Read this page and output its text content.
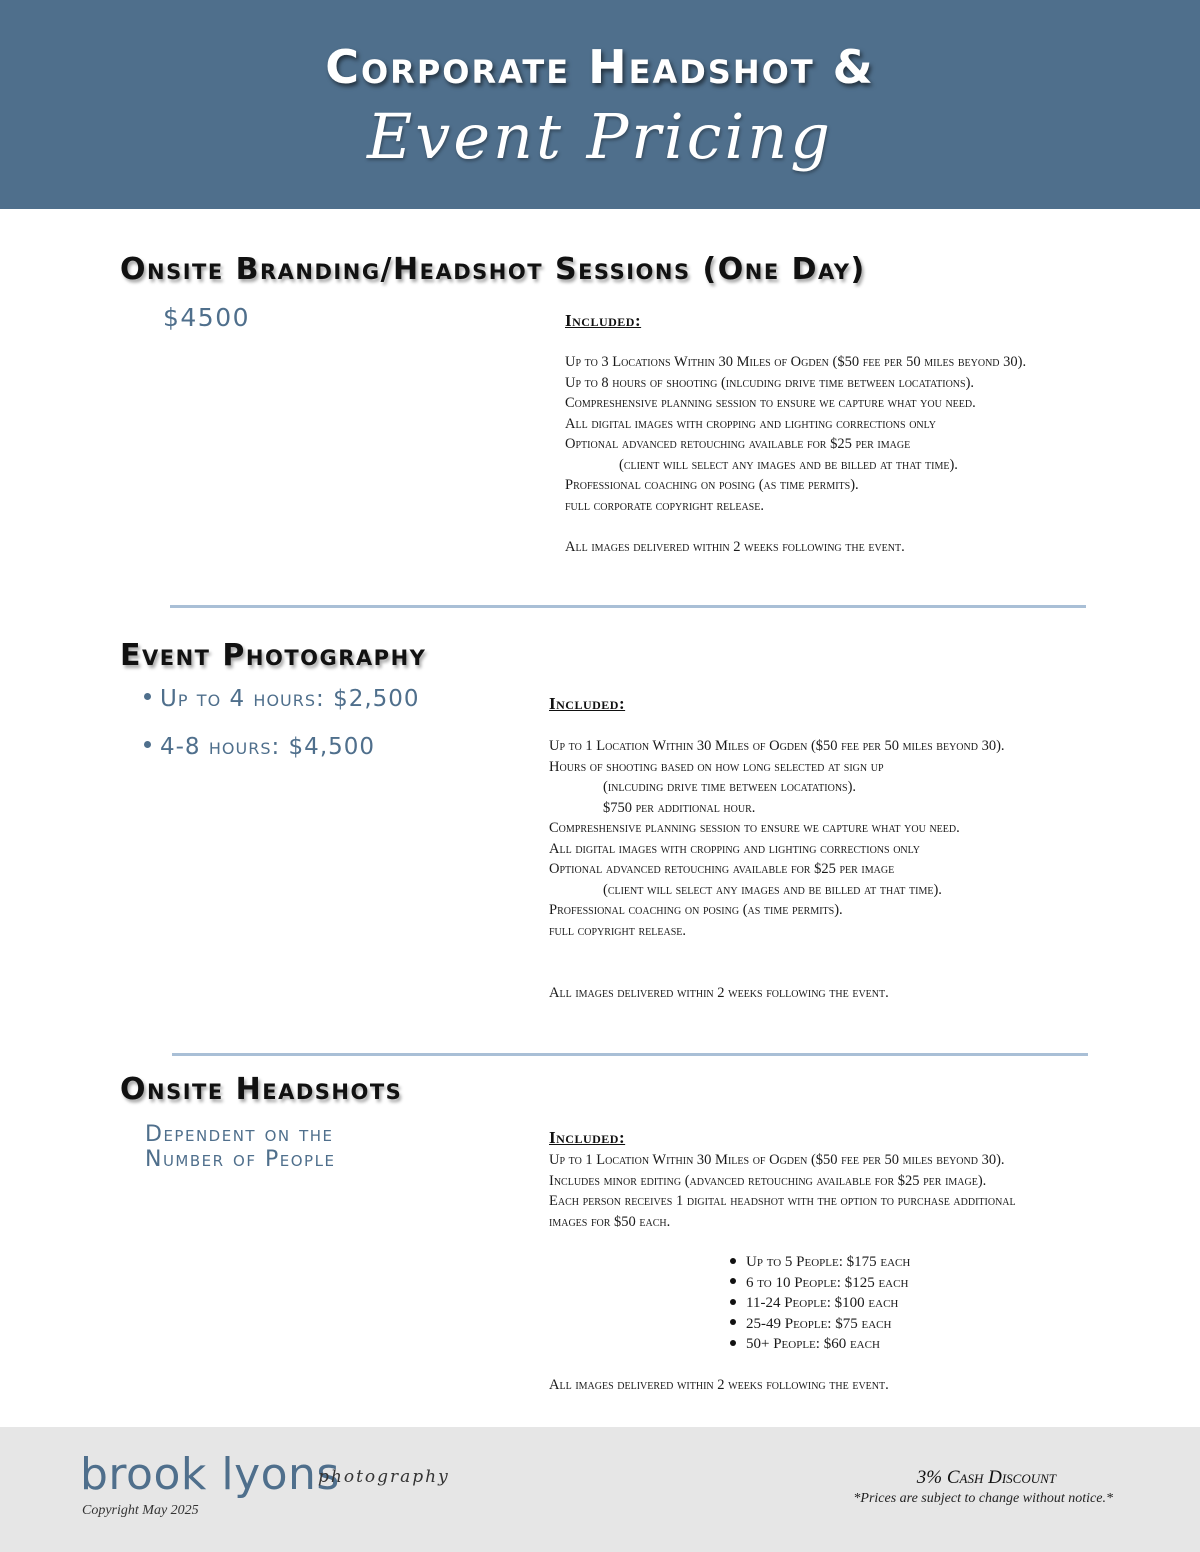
Corporate Headshot &
Event Pricing
Onsite Branding/Headshot Sessions (One Day)
$4500	Included:
Up to 3 Locations Within 30 Miles of Ogden ($50 fee per 50 miles beyond 30).
Up to 8 hours of shooting (inlcuding drive time between locatations).
Compreshensive planning session to ensure we capture what you need.
All digital images with cropping and lighting corrections only
Optional advanced retouching available for $25 per image
(client will select any images and be billed at that time).
Professional coaching on posing (as time permits).
full corporate copyright release.
All images delivered within 2 weeks following the event.
Event Photography
Up to 4 hours: $2,500
4-8 hours: $4,500
Included:
Up to 1 Location Within 30 Miles of Ogden ($50 fee per 50 miles beyond 30).
Hours of shooting based on how long selected at sign up
(inlcuding drive time between locatations).
$750 per additional hour.
Compreshensive planning session to ensure we capture what you need.
All digital images with cropping and lighting corrections only
Optional advanced retouching available for $25 per image
(client will select any images and be billed at that time).
Professional coaching on posing (as time permits).
full copyright release.
All images delivered within 2 weeks following the event.
Onsite Headshots
Dependent on the
Number of People
Included:
Up to 1 Location Within 30 Miles of Ogden ($50 fee per 50 miles beyond 30).
Includes minor editing (advanced retouching available for $25 per image).
Each person receives 1 digital headshot with the option to purchase additional
images for $50 each.
Up to 5 People: $175 each
6 to 10 People: $125 each
11-24 People: $100 each
25-49 People: $75 each
50+ People: $60 each
All images delivered within 2 weeks following the event.
brook lyons
photography
Copyright May 2025
3% Cash Discount
*Prices are subject to change without notice.*
